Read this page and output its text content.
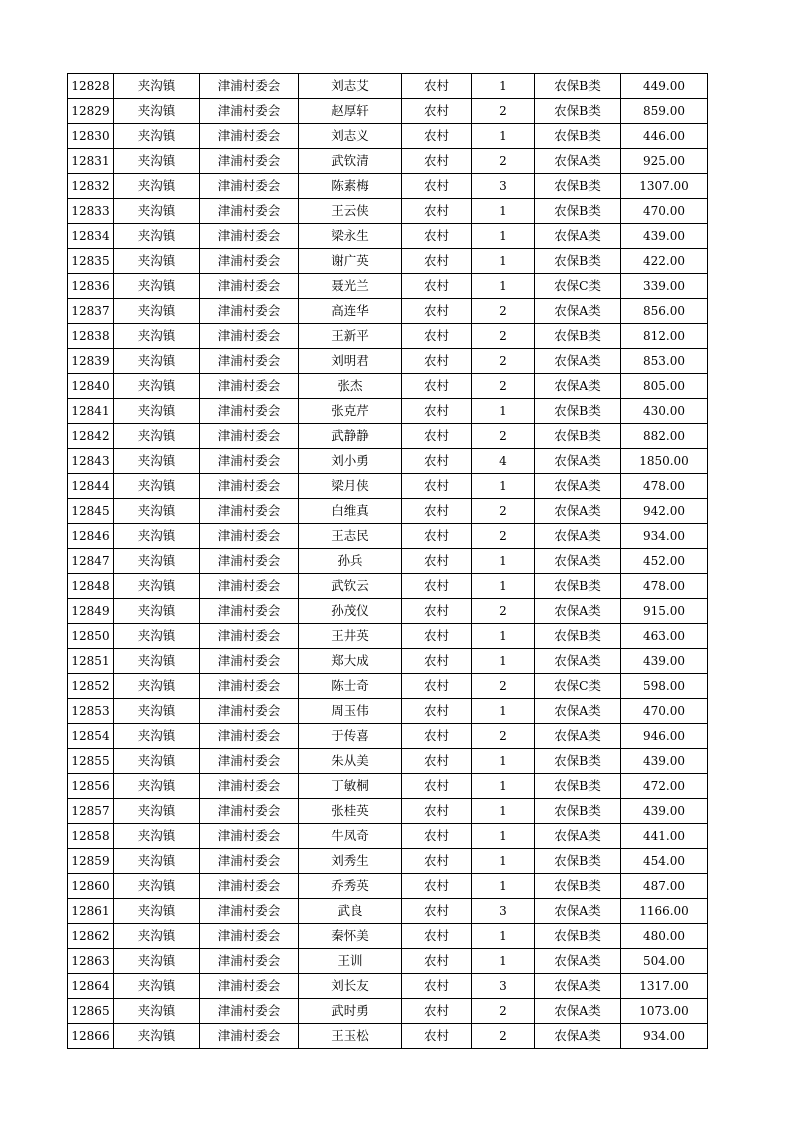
12828	夹沟镇	津浦村委会	刘志艾	农村	1	农保B类	449.00
12829	夹沟镇	津浦村委会	赵厚轩	农村	2	农保B类	859.00
12830	夹沟镇	津浦村委会	刘志义	农村	1	农保B类	446.00
12831	夹沟镇	津浦村委会	武钦清	农村	2	农保A类	925.00
12832	夹沟镇	津浦村委会	陈素梅	农村	3	农保B类	1307.00
12833	夹沟镇	津浦村委会	王云侠	农村	1	农保B类	470.00
12834	夹沟镇	津浦村委会	梁永生	农村	1	农保A类	439.00
12835	夹沟镇	津浦村委会	谢广英	农村	1	农保B类	422.00
12836	夹沟镇	津浦村委会	聂光兰	农村	1	农保C类	339.00
12837	夹沟镇	津浦村委会	高连华	农村	2	农保A类	856.00
12838	夹沟镇	津浦村委会	王新平	农村	2	农保B类	812.00
12839	夹沟镇	津浦村委会	刘明君	农村	2	农保A类	853.00
12840	夹沟镇	津浦村委会	张杰	农村	2	农保A类	805.00
12841	夹沟镇	津浦村委会	张克芹	农村	1	农保B类	430.00
12842	夹沟镇	津浦村委会	武静静	农村	2	农保B类	882.00
12843	夹沟镇	津浦村委会	刘小勇	农村	4	农保A类	1850.00
12844	夹沟镇	津浦村委会	梁月侠	农村	1	农保A类	478.00
12845	夹沟镇	津浦村委会	白维真	农村	2	农保A类	942.00
12846	夹沟镇	津浦村委会	王志民	农村	2	农保A类	934.00
12847	夹沟镇	津浦村委会	孙兵	农村	1	农保A类	452.00
12848	夹沟镇	津浦村委会	武钦云	农村	1	农保B类	478.00
12849	夹沟镇	津浦村委会	孙茂仪	农村	2	农保A类	915.00
12850	夹沟镇	津浦村委会	王井英	农村	1	农保B类	463.00
12851	夹沟镇	津浦村委会	郑大成	农村	1	农保A类	439.00
12852	夹沟镇	津浦村委会	陈士奇	农村	2	农保C类	598.00
12853	夹沟镇	津浦村委会	周玉伟	农村	1	农保A类	470.00
12854	夹沟镇	津浦村委会	于传喜	农村	2	农保A类	946.00
12855	夹沟镇	津浦村委会	朱从美	农村	1	农保B类	439.00
12856	夹沟镇	津浦村委会	丁敏桐	农村	1	农保B类	472.00
12857	夹沟镇	津浦村委会	张桂英	农村	1	农保B类	439.00
12858	夹沟镇	津浦村委会	牛凤奇	农村	1	农保A类	441.00
12859	夹沟镇	津浦村委会	刘秀生	农村	1	农保B类	454.00
12860	夹沟镇	津浦村委会	乔秀英	农村	1	农保B类	487.00
12861	夹沟镇	津浦村委会	武良	农村	3	农保A类	1166.00
12862	夹沟镇	津浦村委会	秦怀美	农村	1	农保B类	480.00
12863	夹沟镇	津浦村委会	王训	农村	1	农保A类	504.00
12864	夹沟镇	津浦村委会	刘长友	农村	3	农保A类	1317.00
12865	夹沟镇	津浦村委会	武时勇	农村	2	农保A类	1073.00
12866	夹沟镇	津浦村委会	王玉松	农村	2	农保A类	934.00
